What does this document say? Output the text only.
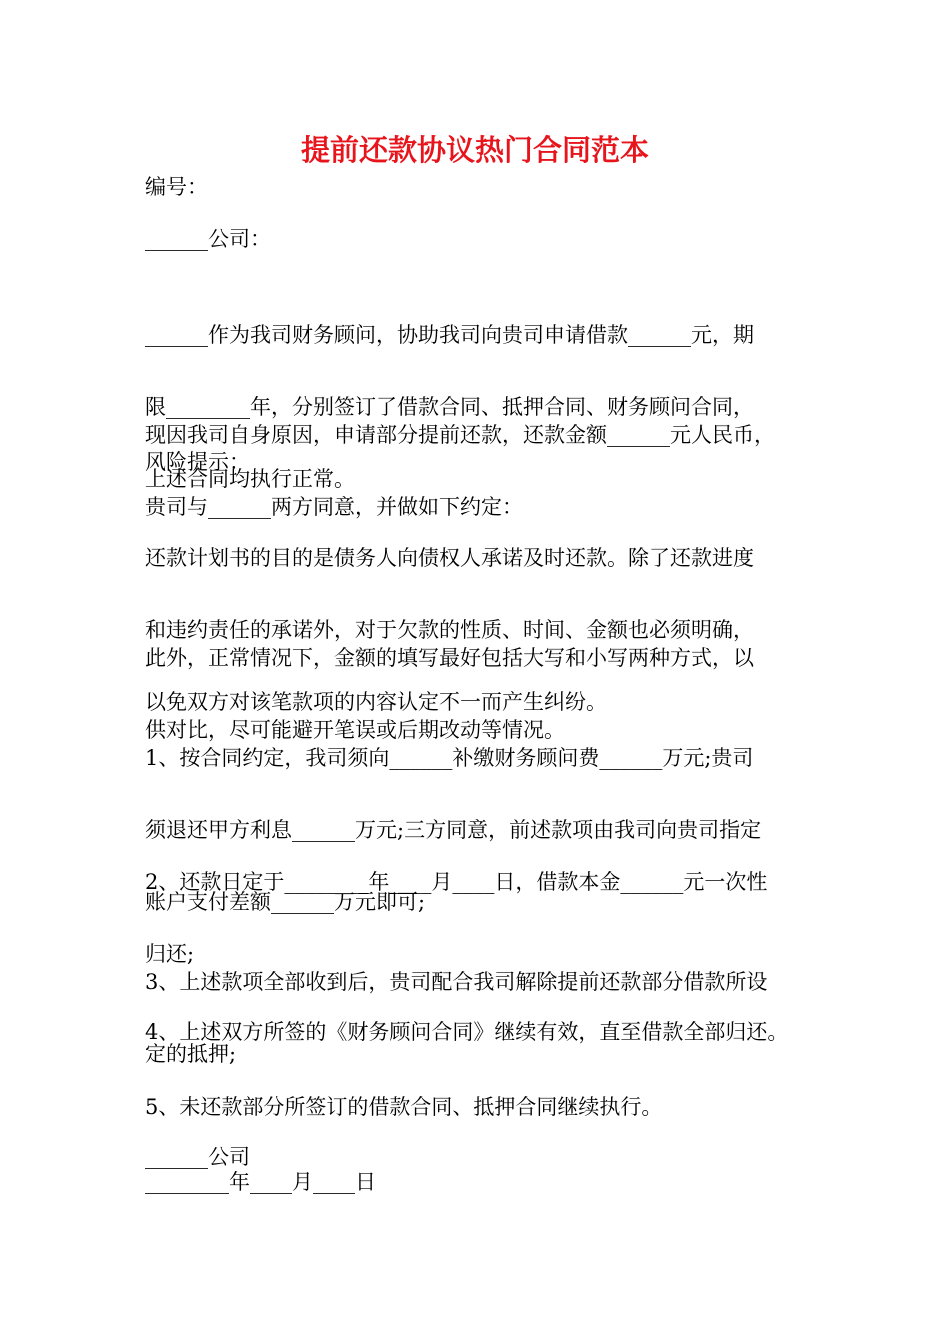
提前还款协议热门合同范本

编号：

______公司：

______作为我司财务顾问，协助我司向贵司申请借款______元，期

限________年，分别签订了借款合同、抵押合同、财务顾问合同，

上述合同均执行正常。

现因我司自身原因，申请部分提前还款，还款金额______元人民币，

贵司与______两方同意，并做如下约定：

风险提示：

还款计划书的目的是债务人向债权人承诺及时还款。除了还款进度

和违约责任的承诺外，对于欠款的性质、时间、金额也必须明确，

以免双方对该笔款项的内容认定不一而产生纠纷。

此外，正常情况下，金额的填写最好包括大写和小写两种方式，以

供对比，尽可能避开笔误或后期改动等情况。

1、按合同约定，我司须向______补缴财务顾问费______万元;贵司

须退还甲方利息______万元;三方同意，前述款项由我司向贵司指定

账户支付差额______万元即可;

2、还款日定于________年____月____日，借款本金______元一次性

归还;

3、上述款项全部收到后，贵司配合我司解除提前还款部分借款所设

定的抵押;

4、上述双方所签的《财务顾问合同》继续有效，直至借款全部归还。

5、未还款部分所签订的借款合同、抵押合同继续执行。

______公司

________年____月____日
